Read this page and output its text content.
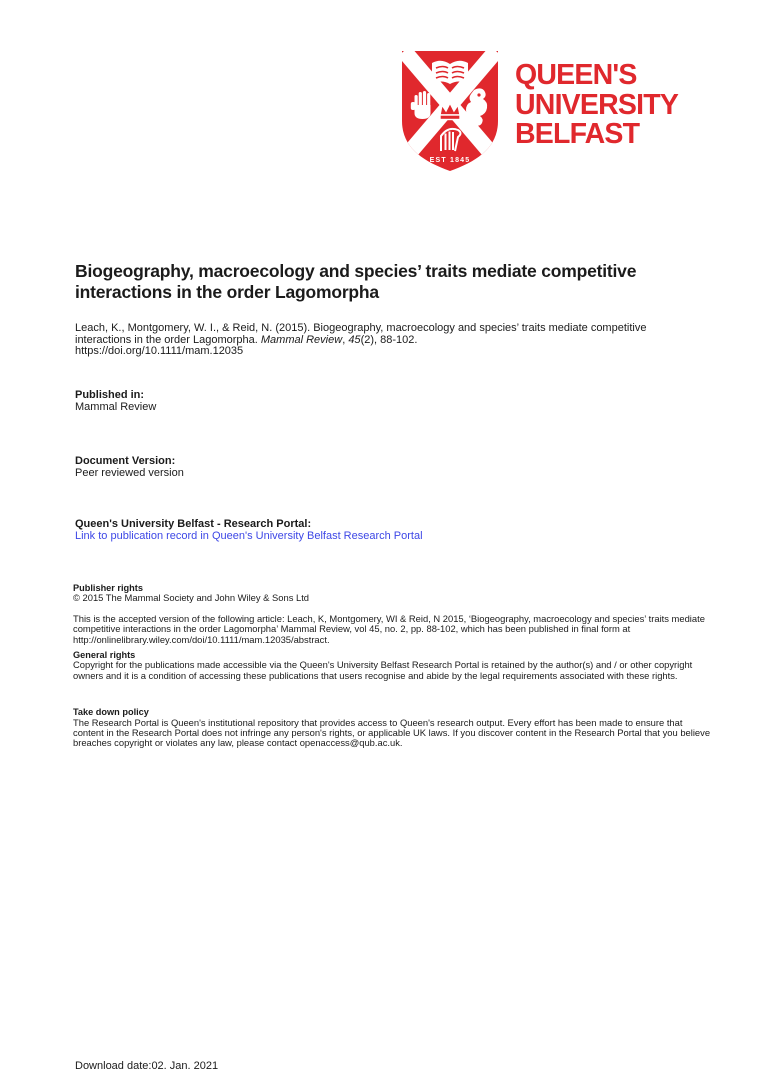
EST 1845
QUEEN'S
UNIVERSITY
BELFAST
Biogeography, macroecology and species’ traits mediate competitive interactions in the order Lagomorpha
Leach, K., Montgomery, W. I., & Reid, N. (2015). Biogeography, macroecology and species’ traits mediate competitive interactions in the order Lagomorpha. Mammal Review, 45(2), 88-102.
https://doi.org/10.1111/mam.12035
Published in:
Mammal Review
Document Version:
Peer reviewed version
Queen's University Belfast - Research Portal:
Link to publication record in Queen's University Belfast Research Portal
Publisher rights
© 2015 The Mammal Society and John Wiley & Sons Ltd
This is the accepted version of the following article: Leach, K, Montgomery, WI & Reid, N 2015, ‘Biogeography, macroecology and species’ traits mediate competitive interactions in the order Lagomorpha’ Mammal Review, vol 45, no. 2, pp. 88-102, which has been published in final form at http://onlinelibrary.wiley.com/doi/10.1111/mam.12035/abstract.
General rights
Copyright for the publications made accessible via the Queen's University Belfast Research Portal is retained by the author(s) and / or other copyright owners and it is a condition of accessing these publications that users recognise and abide by the legal requirements associated with these rights.
Take down policy
The Research Portal is Queen's institutional repository that provides access to Queen's research output. Every effort has been made to ensure that content in the Research Portal does not infringe any person's rights, or applicable UK laws. If you discover content in the Research Portal that you believe breaches copyright or violates any law, please contact openaccess@qub.ac.uk.
Download date:02. Jan. 2021
